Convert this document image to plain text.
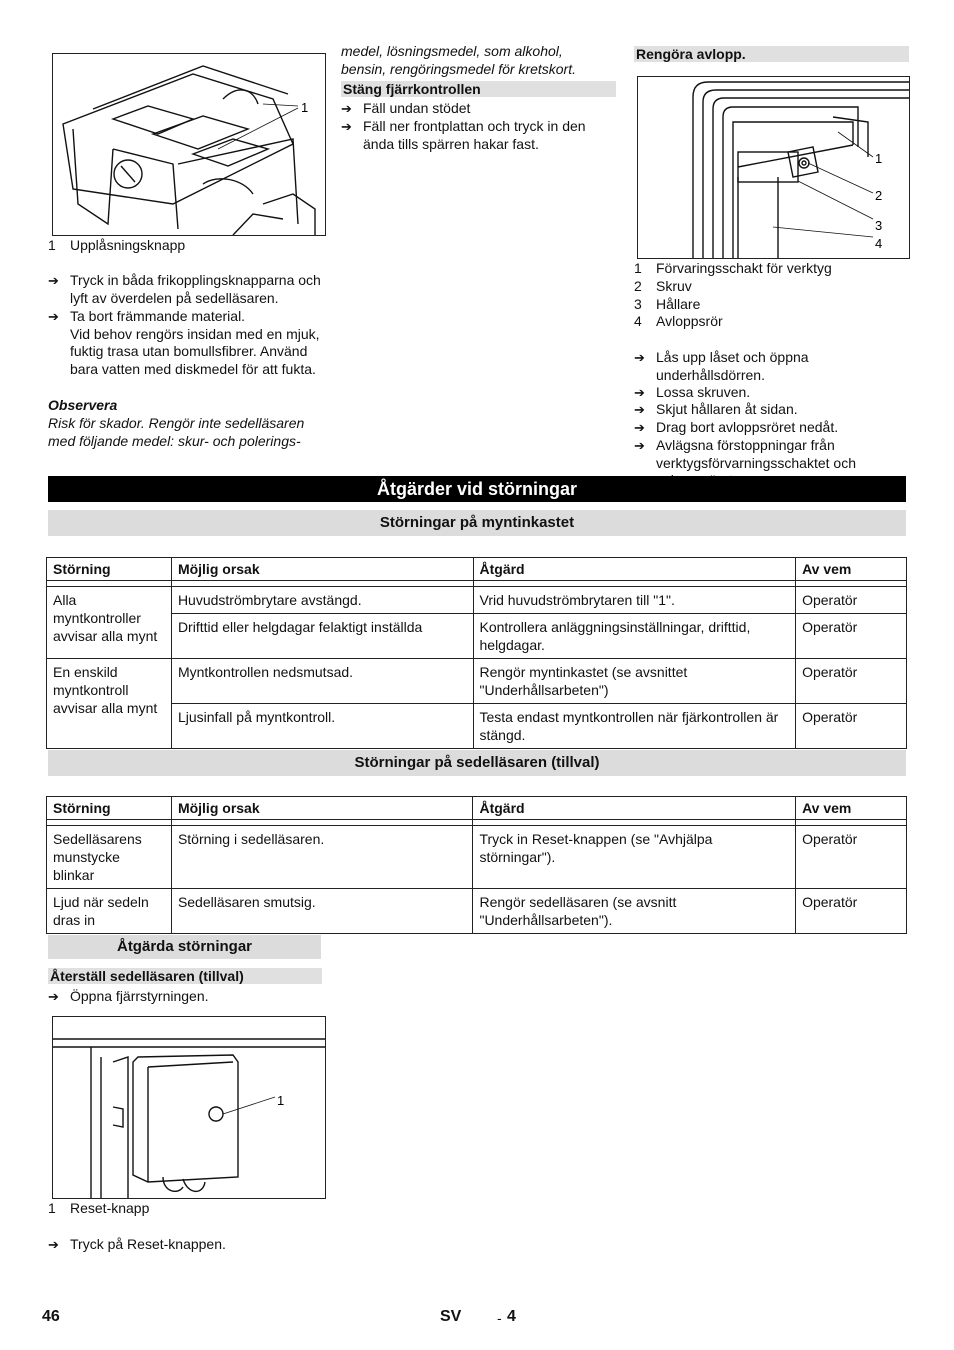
1
1	Upplåsningsknapp
➔ Tryck in båda frikopplingsknapparna och lyft av överdelen på sedelläsaren.
➔ Ta bort främmande material.
Vid behov rengörs insidan med en mjuk, fuktig trasa utan bomullsfibrer. Använd bara vatten med diskmedel för att fukta.
Observera
Risk för skador. Rengör inte sedelläsaren med följande medel: skur- och polerings-
medel, lösningsmedel, som alkohol, bensin, rengöringsmedel för kretskort.
Stäng fjärrkontrollen
➔ Fäll undan stödet
➔ Fäll ner frontplattan och tryck in den ända tills spärren hakar fast.
Rengöra avlopp.
1
2
3
4
1	Förvaringsschakt för verktyg
2	Skruv
3	Hållare
4	Avloppsrör
➔ Lås upp låset och öppna underhållsdörren.
➔ Lossa skruven.
➔ Skjut hållaren åt sidan.
➔ Drag bort avloppsröret nedåt.
➔ Avlägsna förstoppningar från verktygsförvarningsschaktet och
Åtgärder vid störningar
Störningar på myntinkastet
Störning	Möjlig orsak	Åtgärd	Av vem

Alla myntkontroller avvisar alla mynt	Huvudströmbrytare avstängd.	Vrid huvudströmbrytaren till "1".	Operatör
	Drifttid eller helgdagar felaktigt inställda	Kontrollera anläggningsinställningar, drifttid, helgdagar.	Operatör
En enskild myntkontroll avvisar alla mynt	Myntkontrollen nedsmutsad.	Rengör myntinkastet (se avsnittet "Underhållsarbeten")	Operatör
	Ljusinfall på myntkontroll.	Testa endast myntkontrollen när fjärkontrollen är stängd.	Operatör
Störningar på sedelläsaren (tillval)
Störning	Möjlig orsak	Åtgärd	Av vem

Sedelläsarens munstycke blinkar	Störning i sedelläsaren.	Tryck in Reset-knappen (se "Avhjälpa störningar").	Operatör
Ljud när sedeln dras in	Sedelläsaren smutsig.	Rengör sedelläsaren (se avsnitt "Underhållsarbeten").	Operatör
Åtgärda störningar
Återställ sedelläsaren (tillval)
➔ Öppna fjärrstyrningen.
1
1	Reset-knapp
➔ Tryck på Reset-knappen.
46	SV	- 4
